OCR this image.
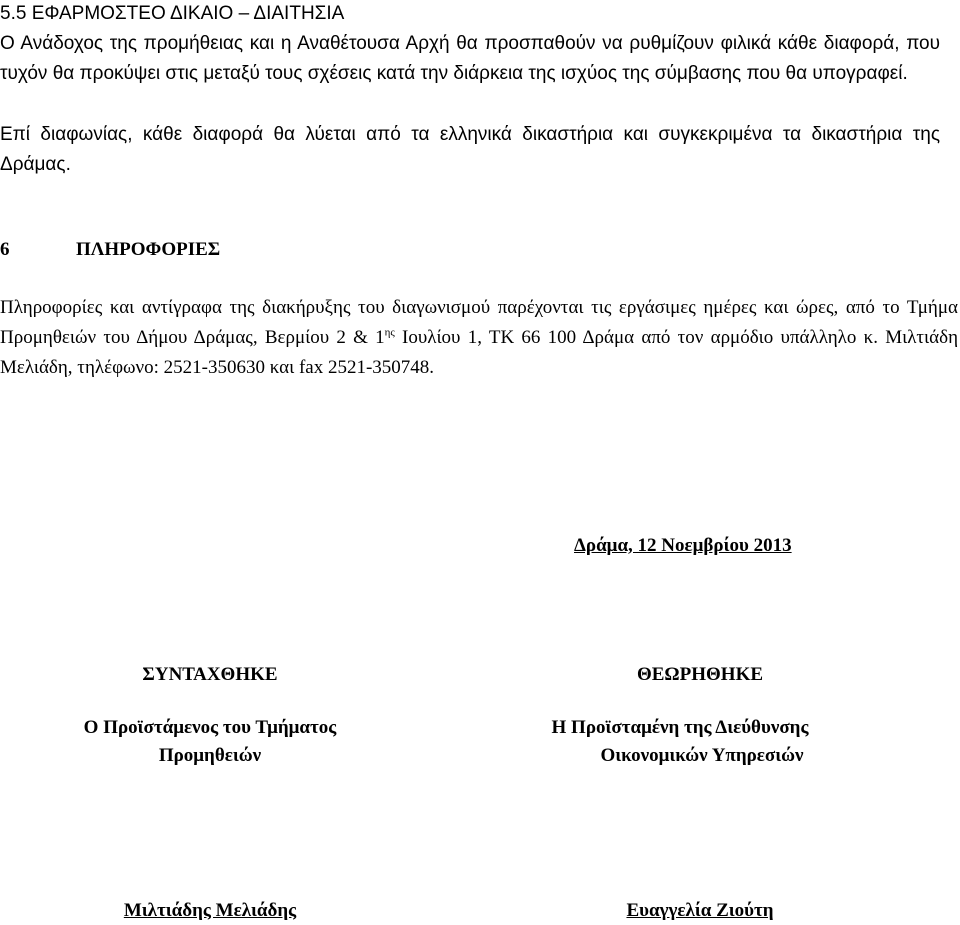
5.5 ΕΦΑΡΜΟΣΤΕΟ ΔΙΚΑΙΟ – ΔΙΑΙΤΗΣΙΑ
Ο Ανάδοχος της προμήθειας και η Αναθέτουσα Αρχή θα προσπαθούν να ρυθμίζουν φιλικά κάθε διαφορά, που τυχόν θα προκύψει στις μεταξύ τους σχέσεις κατά την διάρκεια της ισχύος της σύμβασης που θα υπογραφεί.
Επί διαφωνίας, κάθε διαφορά θα λύεται από τα ελληνικά δικαστήρια και συγκεκριμένα τα δικαστήρια της Δράμας.
6	ΠΛΗΡΟΦΟΡΙΕΣ
Πληροφορίες και αντίγραφα της διακήρυξης του διαγωνισμού παρέχονται τις εργάσιμες ημέρες και ώρες, από το Τμήμα Προμηθειών του Δήμου Δράμας, Βερμίου 2 & $1^{\eta\varsigma}$ Ιουλίου 1, ΤΚ 66 100 Δράμα από τον αρμόδιο υπάλληλο κ. Μιλτιάδη Μελιάδη, τηλέφωνο: 2521-350630 και fax 2521-350748.
Δράμα, 12 Νοεμβρίου 2013
ΣΥΝΤΑΧΘΗΚΕ	ΘΕΩΡΗΘΗΚΕ
Ο Προϊστάμενος του Τμήματος
Προμηθειών
Η Προϊσταμένη της Διεύθυνσης
Οικονομικών Υπηρεσιών
Μιλτιάδης Μελιάδης	Ευαγγελία Ζιούτη
